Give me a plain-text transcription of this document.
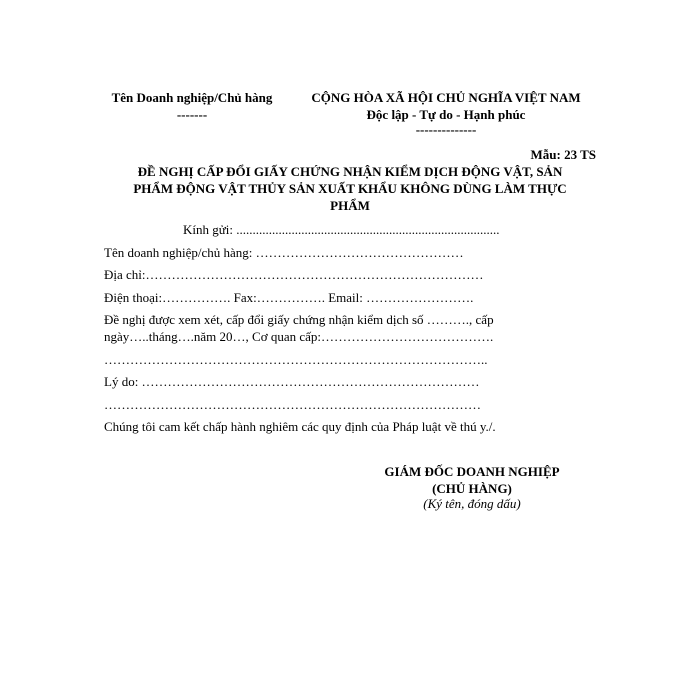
Tên Doanh nghiệp/Chủ hàng
-------
CỘNG HÒA XÃ HỘI CHỦ NGHĨA VIỆT NAM
Độc lập - Tự do - Hạnh phúc
--------------
Mẫu: 23 TS
ĐỀ NGHỊ CẤP ĐỔI GIẤY CHỨNG NHẬN KIỂM DỊCH ĐỘNG VẬT, SẢN
PHẨM ĐỘNG VẬT THỦY SẢN XUẤT KHẨU KHÔNG DÙNG LÀM THỰC
PHẨM
Kính gửi: .................................................................................
Tên doanh nghiệp/chủ hàng: …………………………………………
Địa chỉ:……………………………………………………………………
Điện thoại:……………. Fax:……………. Email: …………………….
Đề nghị được xem xét, cấp đổi giấy chứng nhận kiểm dịch số ………., cấp
ngày…..tháng….năm 20…, Cơ quan cấp:………………………………….
……………………………………………………………………………..
Lý do: ……………………………………………………………………
……………………………………………………………………………
Chúng tôi cam kết chấp hành nghiêm các quy định của Pháp luật về thú y./.
GIÁM ĐỐC DOANH NGHIỆP
(CHỦ HÀNG)
(Ký tên, đóng dấu)
